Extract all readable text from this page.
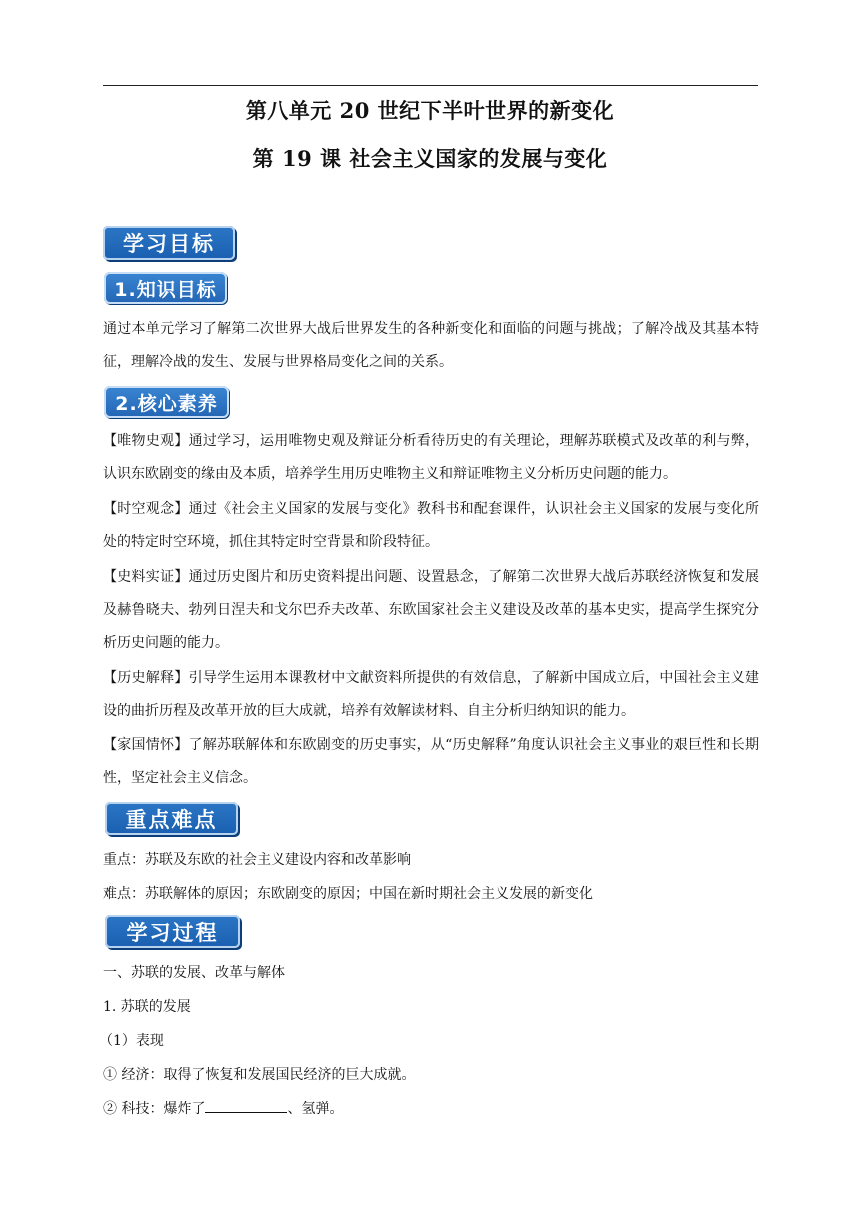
第八单元 20 世纪下半叶世界的新变化
第 19 课 社会主义国家的发展与变化
学习目标
1.知识目标
通过本单元学习了解第二次世界大战后世界发生的各种新变化和面临的问题与挑战；了解冷战及其基本特征，理解冷战的发生、发展与世界格局变化之间的关系。
2.核心素养
【唯物史观】通过学习，运用唯物史观及辩证分析看待历史的有关理论，理解苏联模式及改革的利与弊，认识东欧剧变的缘由及本质，培养学生用历史唯物主义和辩证唯物主义分析历史问题的能力。
【时空观念】通过《社会主义国家的发展与变化》教科书和配套课件，认识社会主义国家的发展与变化所处的特定时空环境，抓住其特定时空背景和阶段特征。
【史料实证】通过历史图片和历史资料提出问题、设置悬念，了解第二次世界大战后苏联经济恢复和发展及赫鲁晓夫、勃列日涅夫和戈尔巴乔夫改革、东欧国家社会主义建设及改革的基本史实，提高学生探究分析历史问题的能力。
【历史解释】引导学生运用本课教材中文献资料所提供的有效信息，了解新中国成立后，中国社会主义建设的曲折历程及改革开放的巨大成就，培养有效解读材料、自主分析归纳知识的能力。
【家国情怀】了解苏联解体和东欧剧变的历史事实，从“历史解释”角度认识社会主义事业的艰巨性和长期性，坚定社会主义信念。
重点难点
重点：苏联及东欧的社会主义建设内容和改革影响
难点：苏联解体的原因；东欧剧变的原因；中国在新时期社会主义发展的新变化
学习过程
一、苏联的发展、改革与解体
1. 苏联的发展
（1）表现
① 经济：取得了恢复和发展国民经济的巨大成就。
② 科技：爆炸了	、氢弹。
